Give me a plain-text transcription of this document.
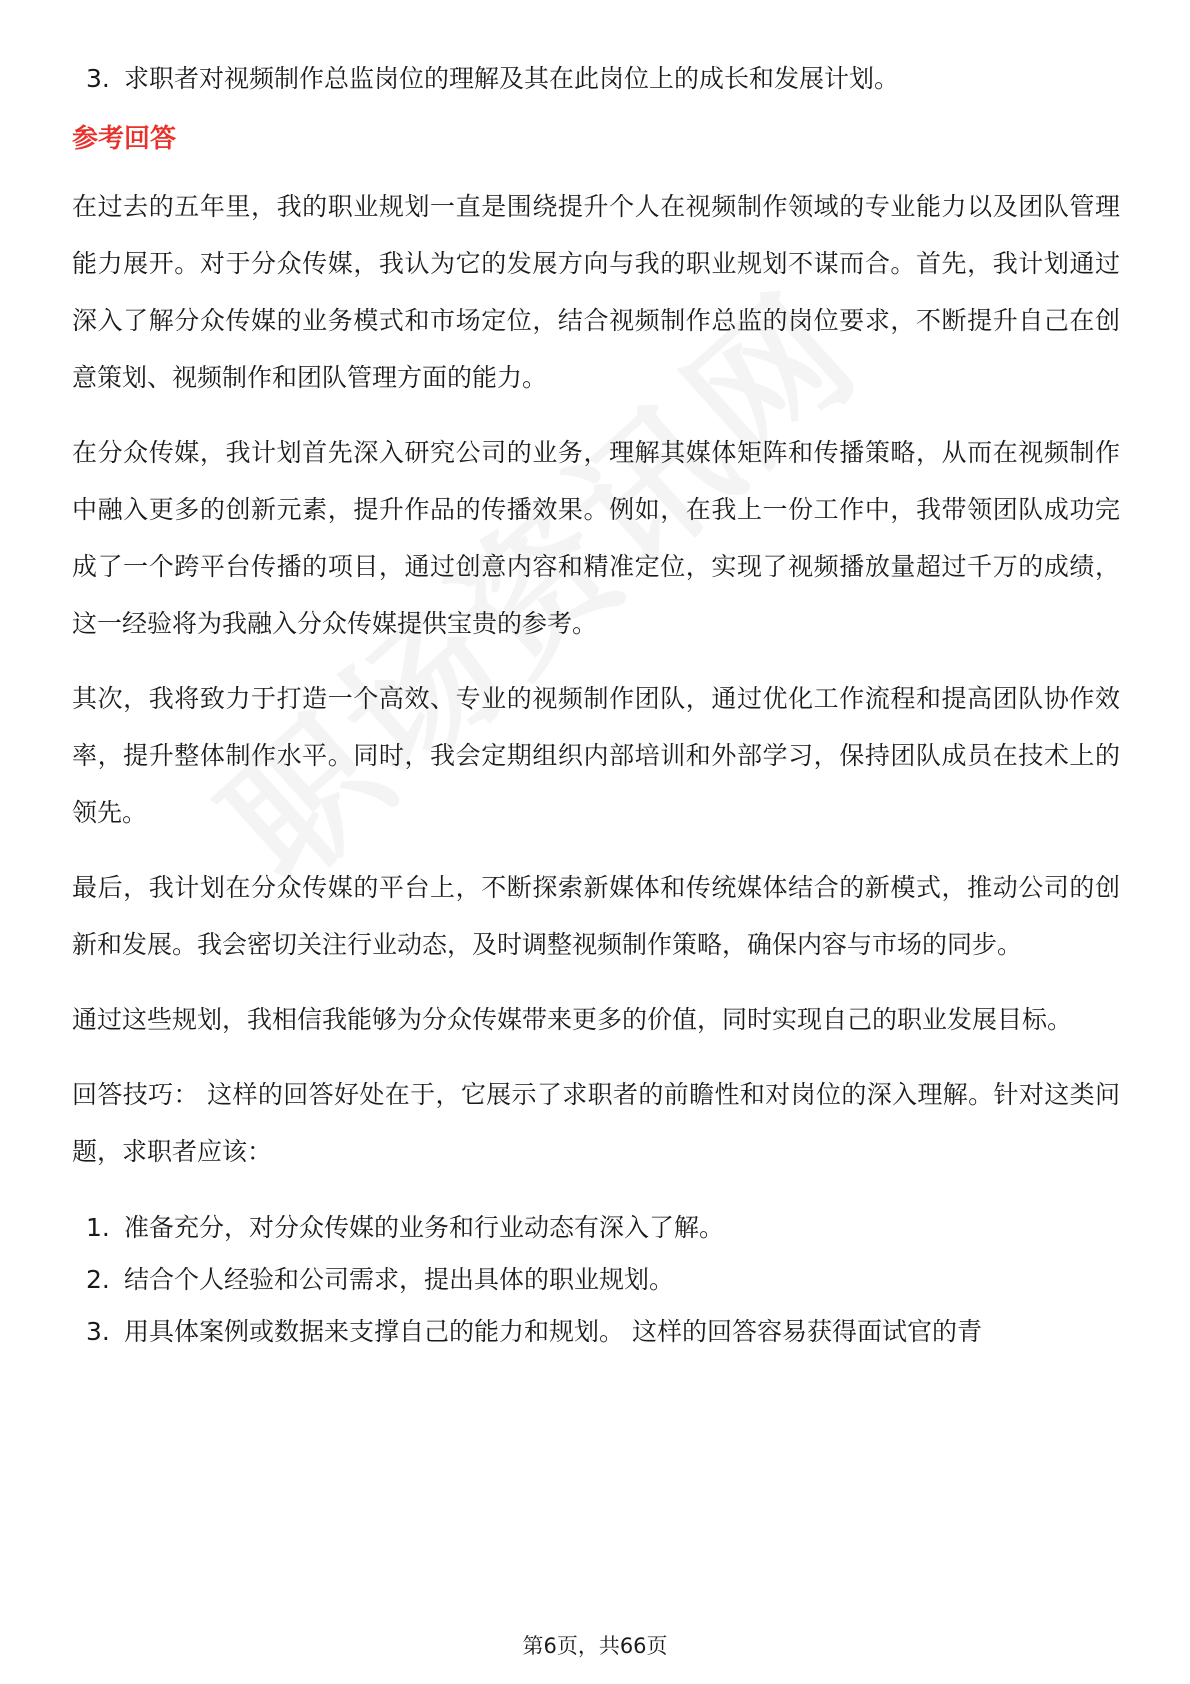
3. 求职者对视频制作总监岗位的理解及其在此岗位上的成长和发展计划。
参考回答
在过去的五年里，我的职业规划一直是围绕提升个人在视频制作领域的专业能力以及团队管理能力展开。对于分众传媒，我认为它的发展方向与我的职业规划不谋而合。首先，我计划通过深入了解分众传媒的业务模式和市场定位，结合视频制作总监的岗位要求，不断提升自己在创意策划、视频制作和团队管理方面的能力。
在分众传媒，我计划首先深入研究公司的业务，理解其媒体矩阵和传播策略，从而在视频制作中融入更多的创新元素，提升作品的传播效果。例如，在我上一份工作中，我带领团队成功完成了一个跨平台传播的项目，通过创意内容和精准定位，实现了视频播放量超过千万的成绩，这一经验将为我融入分众传媒提供宝贵的参考。
其次，我将致力于打造一个高效、专业的视频制作团队，通过优化工作流程和提高团队协作效率，提升整体制作水平。同时，我会定期组织内部培训和外部学习，保持团队成员在技术上的领先。
最后，我计划在分众传媒的平台上，不断探索新媒体和传统媒体结合的新模式，推动公司的创新和发展。我会密切关注行业动态，及时调整视频制作策略，确保内容与市场的同步。
通过这些规划，我相信我能够为分众传媒带来更多的价值，同时实现自己的职业发展目标。
回答技巧： 这样的回答好处在于，它展示了求职者的前瞻性和对岗位的深入理解。针对这类问题，求职者应该：
1. 准备充分，对分众传媒的业务和行业动态有深入了解。
2. 结合个人经验和公司需求，提出具体的职业规划。
3. 用具体案例或数据来支撑自己的能力和规划。 这样的回答容易获得面试官的青
第6页，共66页
